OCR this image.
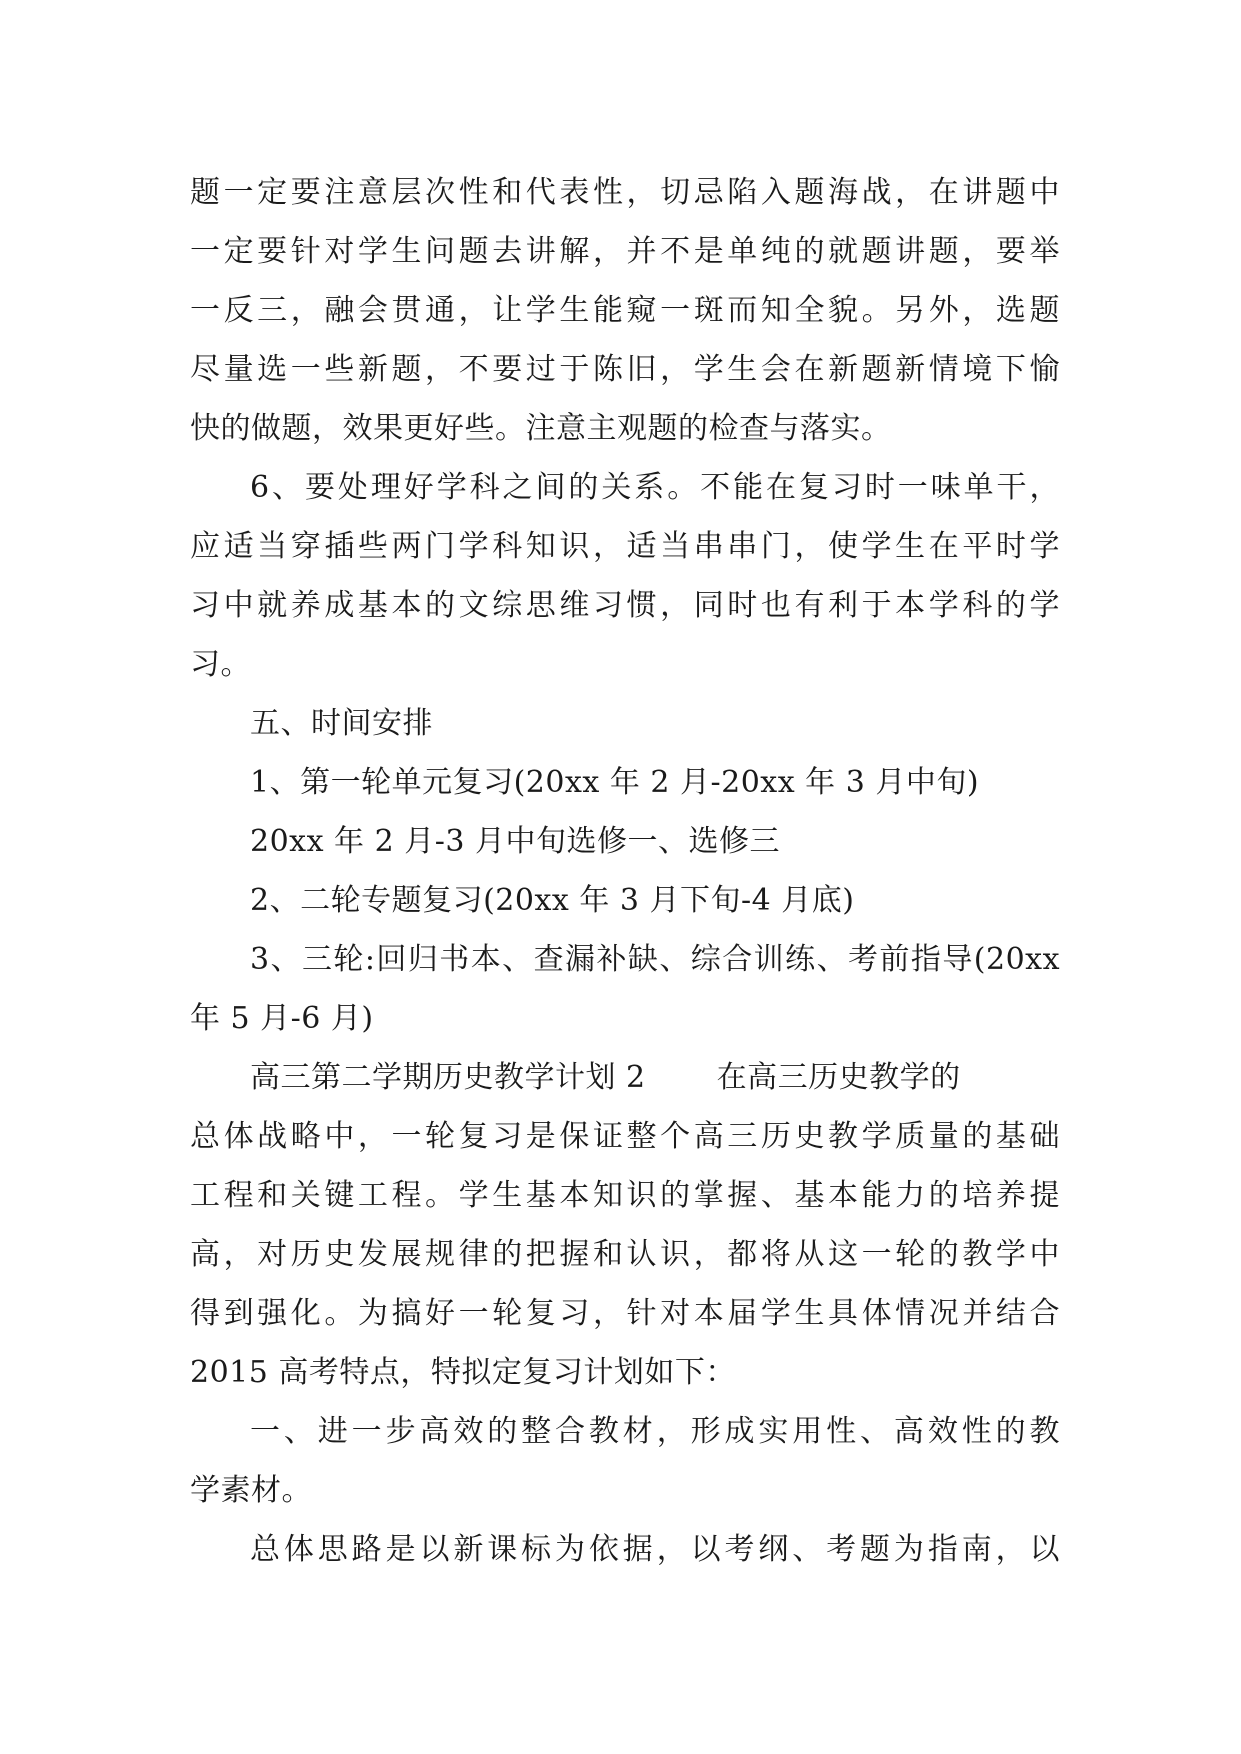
题一定要注意层次性和代表性，切忌陷入题海战，在讲题中
一定要针对学生问题去讲解，并不是单纯的就题讲题，要举
一反三，融会贯通，让学生能窥一斑而知全貌。另外，选题
尽量选一些新题，不要过于陈旧，学生会在新题新情境下愉
快的做题，效果更好些。注意主观题的检查与落实。
6、要处理好学科之间的关系。不能在复习时一味单干，
应适当穿插些两门学科知识，适当串串门，使学生在平时学
习中就养成基本的文综思维习惯，同时也有利于本学科的学
习。
五、时间安排
1、第一轮单元复习(20xx 年 2 月-20xx 年 3 月中旬)
20xx 年 2 月-3 月中旬选修一、选修三
2、二轮专题复习(20xx 年 3 月下旬-4 月底)
3、三轮:回归书本、查漏补缺、综合训练、考前指导(20xx
年 5 月-6 月)
高三第二学期历史教学计划 2　　 在高三历史教学的
总体战略中，一轮复习是保证整个高三历史教学质量的基础
工程和关键工程。学生基本知识的掌握、基本能力的培养提
高，对历史发展规律的把握和认识，都将从这一轮的教学中
得到强化。为搞好一轮复习，针对本届学生具体情况并结合
2015 高考特点，特拟定复习计划如下：
一、进一步高效的整合教材，形成实用性、高效性的教
学素材。
总体思路是以新课标为依据，以考纲、考题为指南，以
